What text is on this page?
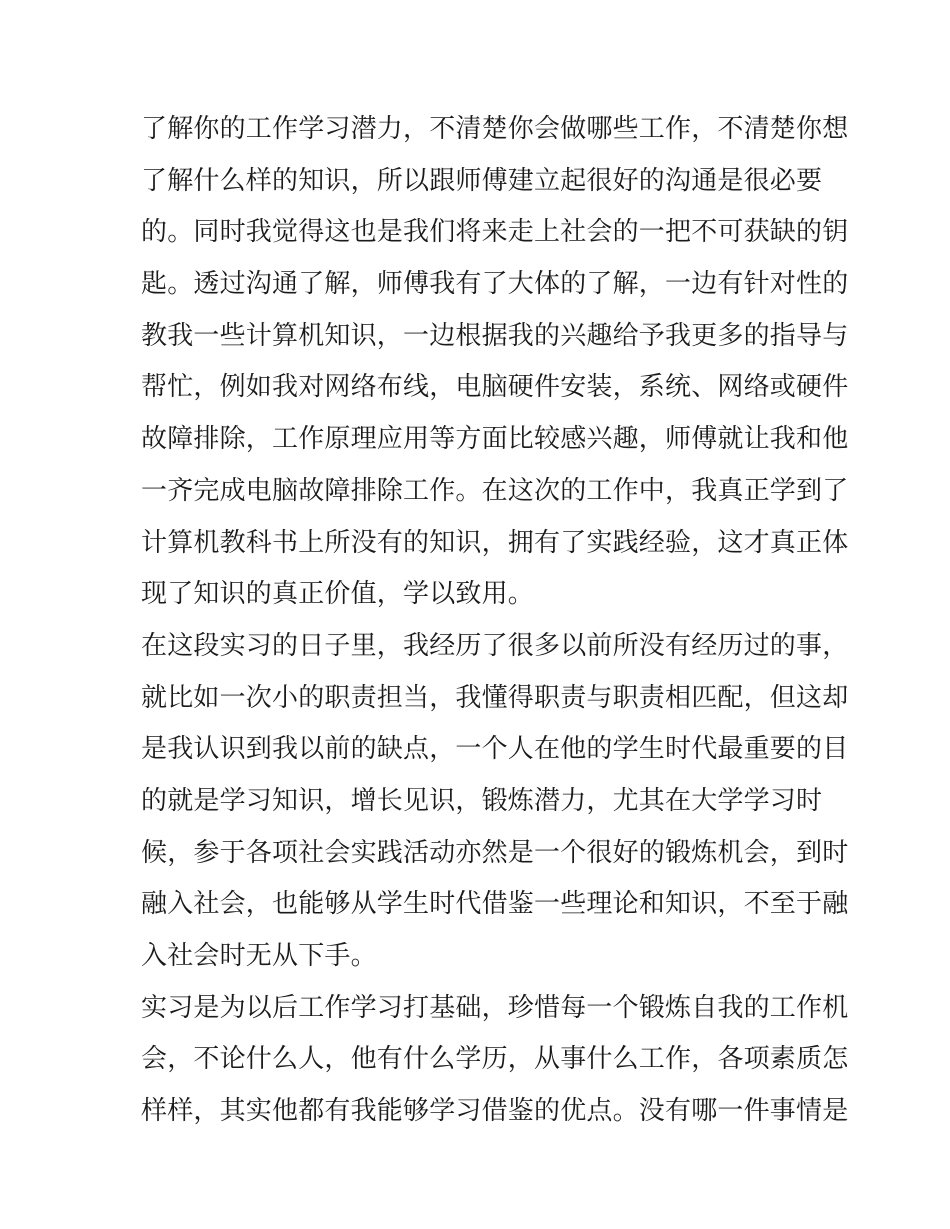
了解你的工作学习潜力，不清楚你会做哪些工作，不清楚你想
了解什么样的知识，所以跟师傅建立起很好的沟通是很必要
的。同时我觉得这也是我们将来走上社会的一把不可获缺的钥
匙。透过沟通了解，师傅我有了大体的了解，一边有针对性的
教我一些计算机知识，一边根据我的兴趣给予我更多的指导与
帮忙，例如我对网络布线，电脑硬件安装，系统、网络或硬件
故障排除，工作原理应用等方面比较感兴趣，师傅就让我和他
一齐完成电脑故障排除工作。在这次的工作中，我真正学到了
计算机教科书上所没有的知识，拥有了实践经验，这才真正体
现了知识的真正价值，学以致用。
在这段实习的日子里，我经历了很多以前所没有经历过的事，
就比如一次小的职责担当，我懂得职责与职责相匹配，但这却
是我认识到我以前的缺点，一个人在他的学生时代最重要的目
的就是学习知识，增长见识，锻炼潜力，尤其在大学学习时
候，参于各项社会实践活动亦然是一个很好的锻炼机会，到时
融入社会，也能够从学生时代借鉴一些理论和知识，不至于融
入社会时无从下手。
实习是为以后工作学习打基础，珍惜每一个锻炼自我的工作机
会，不论什么人，他有什么学历，从事什么工作，各项素质怎
样样，其实他都有我能够学习借鉴的优点。没有哪一件事情是
